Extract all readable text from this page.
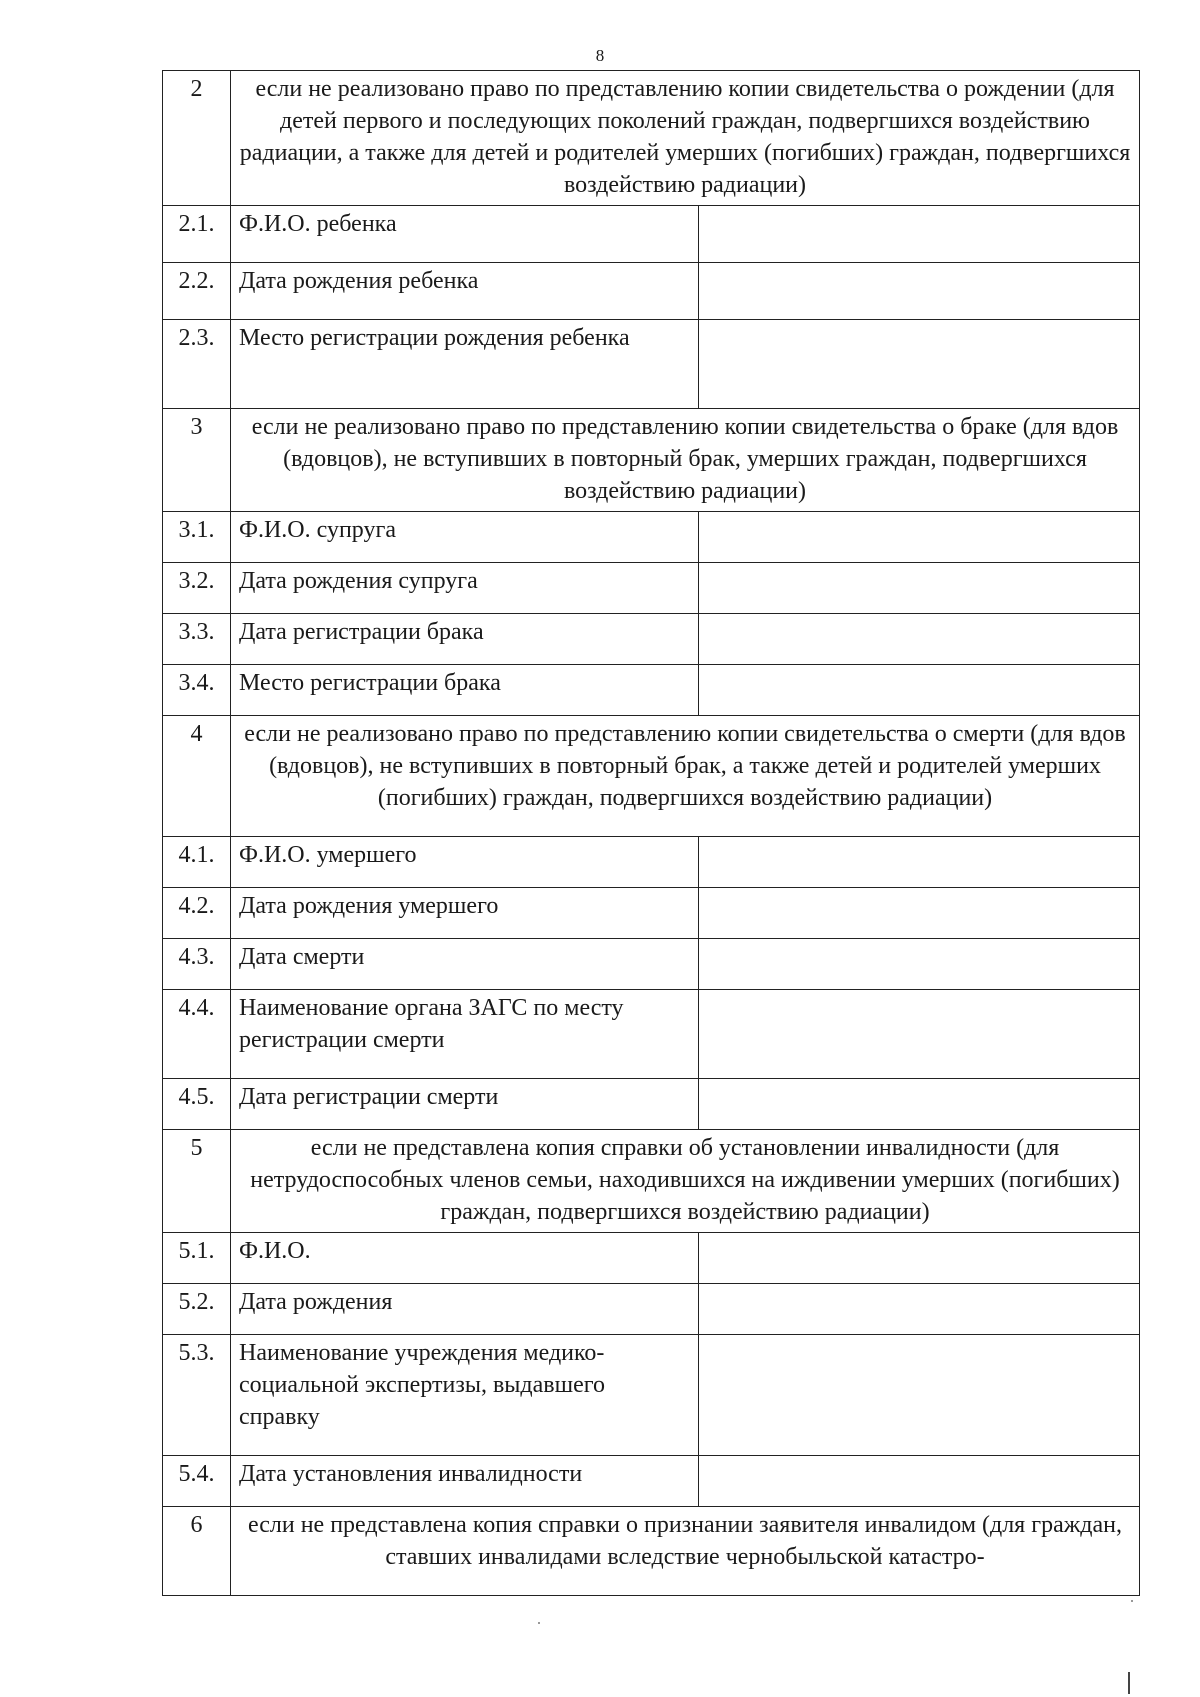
8
2	если не реализовано право по представлению копии свидетельства о рождении (для детей первого и последующих поколений граждан, подвергшихся воздействию радиации, а также для детей и родителей умерших (погибших) граждан, подвергшихся воздействию радиации)	
2.1.	Ф.И.О. ребенка	
2.2.	Дата рождения ребенка	
2.3.	Место регистрации рождения ребенка	
3	если не реализовано право по представлению копии свидетельства о браке (для вдов (вдовцов), не вступивших в повторный брак, умерших граждан, подвергшихся воздействию радиации)	
3.1.	Ф.И.О. супруга	
3.2.	Дата рождения супруга	
3.3.	Дата регистрации брака	
3.4.	Место регистрации брака	
4	если не реализовано право по представлению копии свидетельства о смерти (для вдов (вдовцов), не вступивших в повторный брак, а также детей и родителей умерших (погибших) граждан, подвергшихся воздействию радиации)	
4.1.	Ф.И.О. умершего	
4.2.	Дата рождения умершего	
4.3.	Дата смерти	
4.4.	Наименование органа ЗАГС по месту регистрации смерти	
4.5.	Дата регистрации смерти	
5	если не представлена копия справки об установлении инвалидности (для нетрудоспособных членов семьи, находившихся на иждивении умерших (погибших) граждан, подвергшихся воздействию радиации)	
5.1.	Ф.И.О.	
5.2.	Дата рождения	
5.3.	Наименование учреждения медико-социальной экспертизы, выдавшего справку	
5.4.	Дата установления инвалидности	
6	если не представлена копия справки о признании заявителя инвалидом (для граждан, ставших инвалидами вследствие чернобыльской катастро-	
